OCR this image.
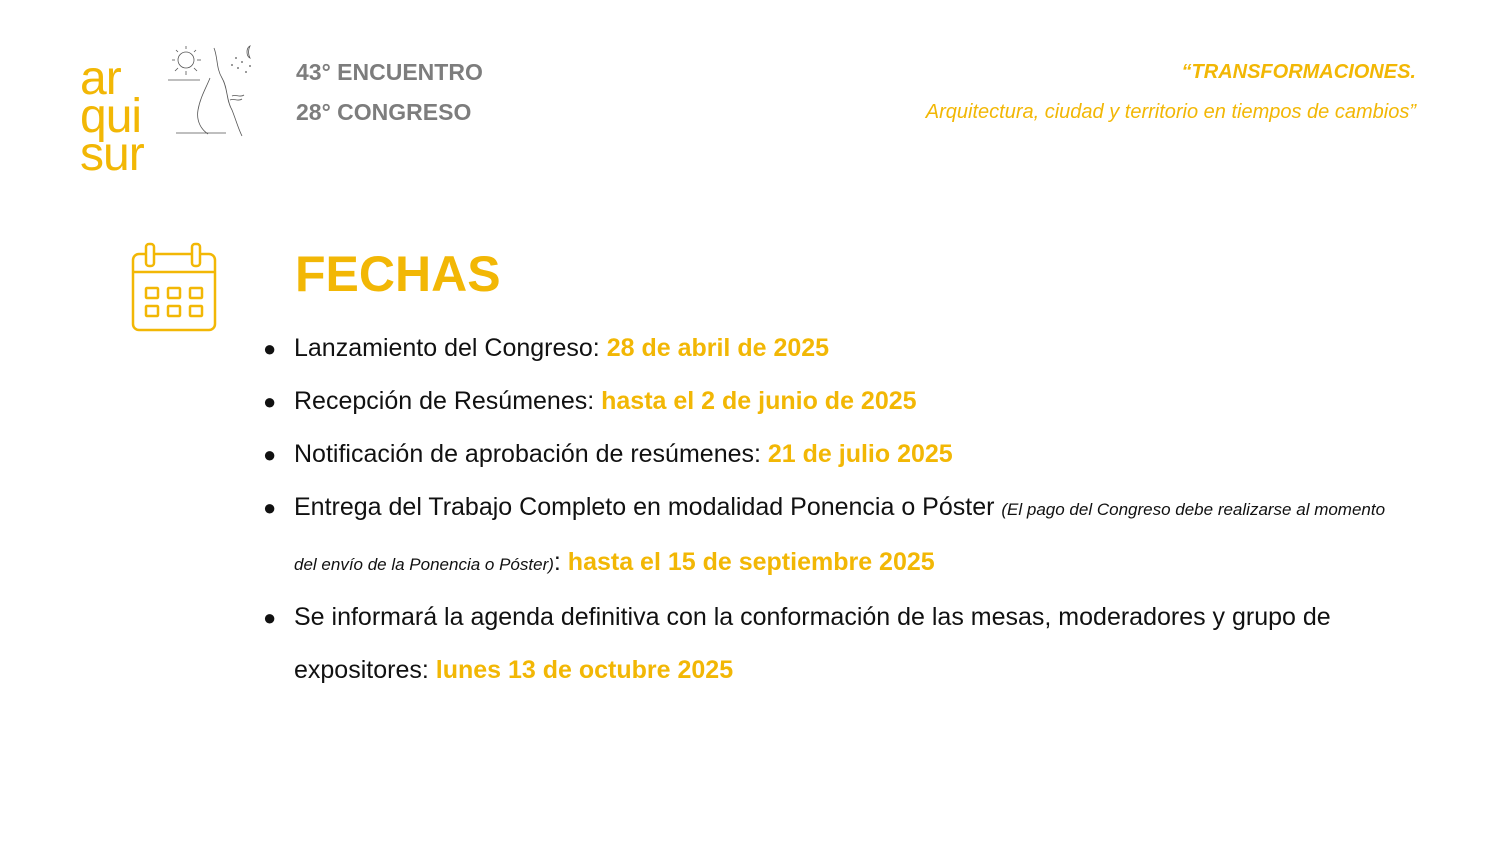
ar
qui
sur
43° ENCUENTRO
28° CONGRESO
“TRANSFORMACIONES.
Arquitectura, ciudad y territorio en tiempos de cambios”
FECHAS
● Lanzamiento del Congreso: 28 de abril de 2025
● Recepción de Resúmenes: hasta el 2 de junio de 2025
● Notificación de aprobación de resúmenes: 21 de julio 2025
● Entrega del Trabajo Completo en modalidad Ponencia o Póster (El pago del Congreso debe realizarse al momento del envío de la Ponencia o Póster): hasta el 15 de septiembre 2025
● Se informará la agenda definitiva con la conformación de las mesas, moderadores y grupo de expositores: lunes 13 de octubre 2025
